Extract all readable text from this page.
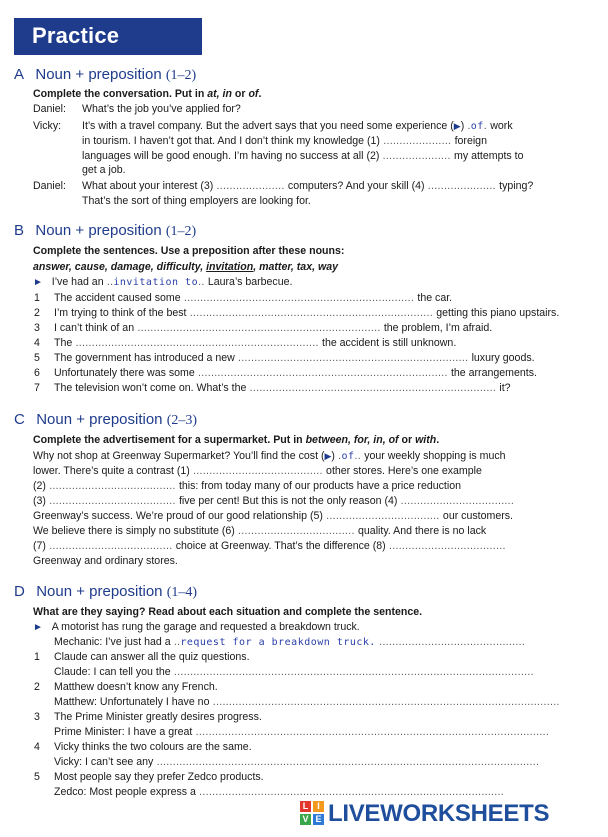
Practice
A Noun + preposition (1–2)
Complete the conversation. Put in at, in or of.
Daniel: What’s the job you’ve applied for?
Vicky: It’s with a travel company. But the advert says that you need some experience (▶) .of. work
in tourism. I haven’t got that. And I don’t think my knowledge (1) ..................... foreign
languages will be good enough. I’m having no success at all (2) ..................... my attempts to
get a job.
Daniel: What about your interest (3) ..................... computers? And your skill (4) ..................... typing?
That’s the sort of thing employers are looking for.
B Noun + preposition (1–2)
Complete the sentences. Use a preposition after these nouns:
answer, cause, damage, difficulty, invitation, matter, tax, way
► I’ve had an ..invitation to.. Laura’s barbecue.
1 The accident caused some ....................................................................... the car.
2 I’m trying to think of the best ........................................................................... getting this piano upstairs.
3 I can’t think of an ........................................................................... the problem, I’m afraid.
4 The ........................................................................... the accident is still unknown.
5 The government has introduced a new ....................................................................... luxury goods.
6 Unfortunately there was some ............................................................................. the arrangements.
7 The television won’t come on. What’s the ............................................................................ it?
C Noun + preposition (2–3)
Complete the advertisement for a supermarket. Put in between, for, in, of or with.
Why not shop at Greenway Supermarket? You’ll find the cost (▶) .of.. your weekly shopping is much
lower. There’s quite a contrast (1) ........................................ other stores. Here’s one example
(2) ....................................... this: from today many of our products have a price reduction
(3) ....................................... five per cent! But this is not the only reason (4) ...................................
Greenway’s success. We’re proud of our good relationship (5) ................................... our customers.
We believe there is simply no substitute (6) .................................... quality. And there is no lack
(7) ...................................... choice at Greenway. That’s the difference (8) ....................................
Greenway and ordinary stores.
D Noun + preposition (1–4)
What are they saying? Read about each situation and complete the sentence.
► A motorist has rung the garage and requested a breakdown truck.
Mechanic: I’ve just had a ..request for a breakdown truck. .............................................
1 Claude can answer all the quiz questions.
Claude: I can tell you the ...............................................................................................................
2 Matthew doesn’t know any French.
Matthew: Unfortunately I have no ...........................................................................................................
3 The Prime Minister greatly desires progress.
Prime Minister: I have a great .............................................................................................................
4 Vicky thinks the two colours are the same.
Vicky: I can’t see any ......................................................................................................................
5 Most people say they prefer Zedco products.
Zedco: Most people express a ..............................................................................................
L I
V E LIVEWORKSHEETS
